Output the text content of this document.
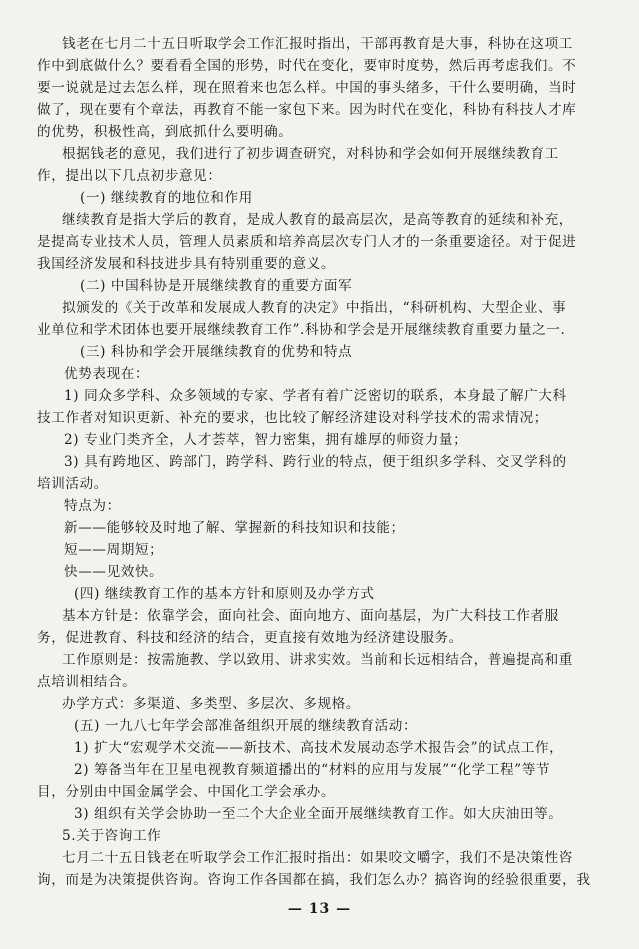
钱老在七月二十五日听取学会工作汇报时指出，干部再教育是大事，科协在这项工
作中到底做什么？要看看全国的形势，时代在变化，要审时度势，然后再考虑我们。不
要一说就是过去怎么样，现在照着来也怎么样。中国的事头绪多，干什么要明确，当时
做了，现在要有个章法，再教育不能一家包下来。因为时代在变化，科协有科技人才库
的优势，积极性高，到底抓什么要明确。
根据钱老的意见，我们进行了初步调查研究，对科协和学会如何开展继续教育工
作，提出以下几点初步意见：
(一) 继续教育的地位和作用
继续教育是指大学后的教育，是成人教育的最高层次，是高等教育的延续和补充，
是提高专业技术人员，管理人员素质和培养高层次专门人才的一条重要途径。对于促进
我国经济发展和科技进步具有特别重要的意义。
(二) 中国科协是开展继续教育的重要方面军
拟颁发的《关于改革和发展成人教育的决定》中指出，“科研机构、大型企业、事
业单位和学术团体也要开展继续教育工作”.科协和学会是开展继续教育重要力量之一.
(三) 科协和学会开展继续教育的优势和特点
优势表现在：
1) 同众多学科、众多领域的专家、学者有着广泛密切的联系，本身最了解广大科
技工作者对知识更新、补充的要求，也比较了解经济建设对科学技术的需求情况；
2) 专业门类齐全，人才荟萃，智力密集，拥有雄厚的师资力量；
3) 具有跨地区、跨部门，跨学科、跨行业的特点，便于组织多学科、交叉学科的
培训活动。
特点为：
新——能够较及时地了解、掌握新的科技知识和技能；
短——周期短；
快——见效快。
(四) 继续教育工作的基本方针和原则及办学方式
基本方针是：依靠学会，面向社会、面向地方、面向基层，为广大科技工作者服
务，促进教育、科技和经济的结合，更直接有效地为经济建设服务。
工作原则是：按需施教、学以致用、讲求实效。当前和长远相结合，普遍提高和重
点培训相结合。
办学方式：多渠道、多类型、多层次、多规格。
(五) 一九八七年学会部准备组织开展的继续教育活动：
1) 扩大“宏观学术交流——新技术、高技术发展动态学术报告会”的试点工作，
2) 筹备当年在卫星电视教育频道播出的“材料的应用与发展”“化学工程”等节
目，分别由中国金属学会、中国化工学会承办。
3) 组织有关学会协助一至二个大企业全面开展继续教育工作。如大庆油田等。
5.关于咨询工作
七月二十五日钱老在听取学会工作汇报时指出：如果咬文嚼字，我们不是决策性咨
询，而是为决策提供咨询。咨询工作各国都在搞，我们怎么办？搞咨询的经验很重要，我
— 13 —
